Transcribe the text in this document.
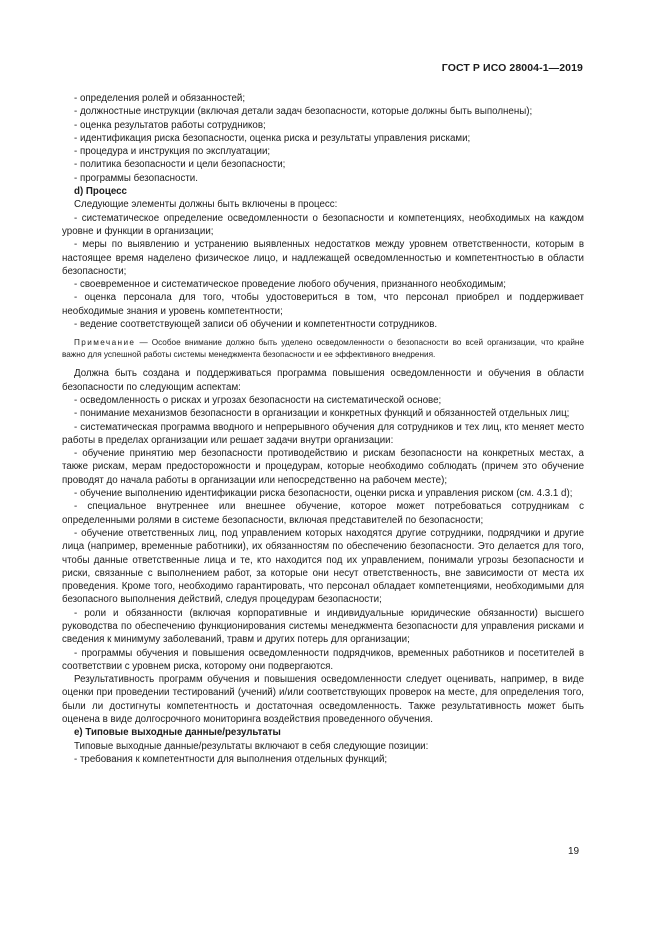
ГОСТ Р ИСО 28004-1—2019

- определения ролей и обязанностей;

- должностные инструкции (включая детали задач безопасности, которые должны быть выполнены);

- оценка результатов работы сотрудников;

- идентификация риска безопасности, оценка риска и результаты управления рисками;

- процедура и инструкция по эксплуатации;

- политика безопасности и цели безопасности;

- программы безопасности.

d) Процесс

Следующие элементы должны быть включены в процесс:

- систематическое определение осведомленности о безопасности и компетенциях, необходимых на каждом уровне и функции в организации;

- меры по выявлению и устранению выявленных недостатков между уровнем ответственности, которым в настоящее время наделено физическое лицо, и надлежащей осведомленностью и компетентностью в области безопасности;

- своевременное и систематическое проведение любого обучения, признанного необходимым;

- оценка персонала для того, чтобы удостовериться в том, что персонал приобрел и поддерживает необходимые знания и уровень компетентности;

- ведение соответствующей записи об обучении и компетентности сотрудников.

Примечание — Особое внимание должно быть уделено осведомленности о безопасности во всей организации, что крайне важно для успешной работы системы менеджмента безопасности и ее эффективного внедрения.

Должна быть создана и поддерживаться программа повышения осведомленности и обучения в области безопасности по следующим аспектам:

- осведомленность о рисках и угрозах безопасности на систематической основе;

- понимание механизмов безопасности в организации и конкретных функций и обязанностей отдельных лиц;

- систематическая программа вводного и непрерывного обучения для сотрудников и тех лиц, кто меняет место работы в пределах организации или решает задачи внутри организации:

- обучение принятию мер безопасности противодействию и рискам безопасности на конкретных местах, а также рискам, мерам предосторожности и процедурам, которые необходимо соблюдать (причем это обучение проводят до начала работы в организации или непосредственно на рабочем месте);

- обучение выполнению идентификации риска безопасности, оценки риска и управления риском (см. 4.3.1 d);

- специальное внутреннее или внешнее обучение, которое может потребоваться сотрудникам с определенными ролями в системе безопасности, включая представителей по безопасности;

- обучение ответственных лиц, под управлением которых находятся другие сотрудники, подрядчики и другие лица (например, временные работники), их обязанностям по обеспечению безопасности. Это делается для того, чтобы данные ответственные лица и те, кто находится под их управлением, понимали угрозы безопасности и риски, связанные с выполнением работ, за которые они несут ответственность, вне зависимости от места их проведения. Кроме того, необходимо гарантировать, что персонал обладает компетенциями, необходимыми для безопасного выполнения действий, следуя процедурам безопасности;

- роли и обязанности (включая корпоративные и индивидуальные юридические обязанности) высшего руководства по обеспечению функционирования системы менеджмента безопасности для управления рисками и сведения к минимуму заболеваний, травм и других потерь для организации;

- программы обучения и повышения осведомленности подрядчиков, временных работников и посетителей в соответствии с уровнем риска, которому они подвергаются.

Результативность программ обучения и повышения осведомленности следует оценивать, например, в виде оценки при проведении тестирований (учений) и/или соответствующих проверок на месте, для определения того, были ли достигнуты компетентность и достаточная осведомленность. Также результативность может быть оценена в виде долгосрочного мониторинга воздействия проведенного обучения.

e) Типовые выходные данные/результаты

Типовые выходные данные/результаты включают в себя следующие позиции:

- требования к компетентности для выполнения отдельных функций;

19
